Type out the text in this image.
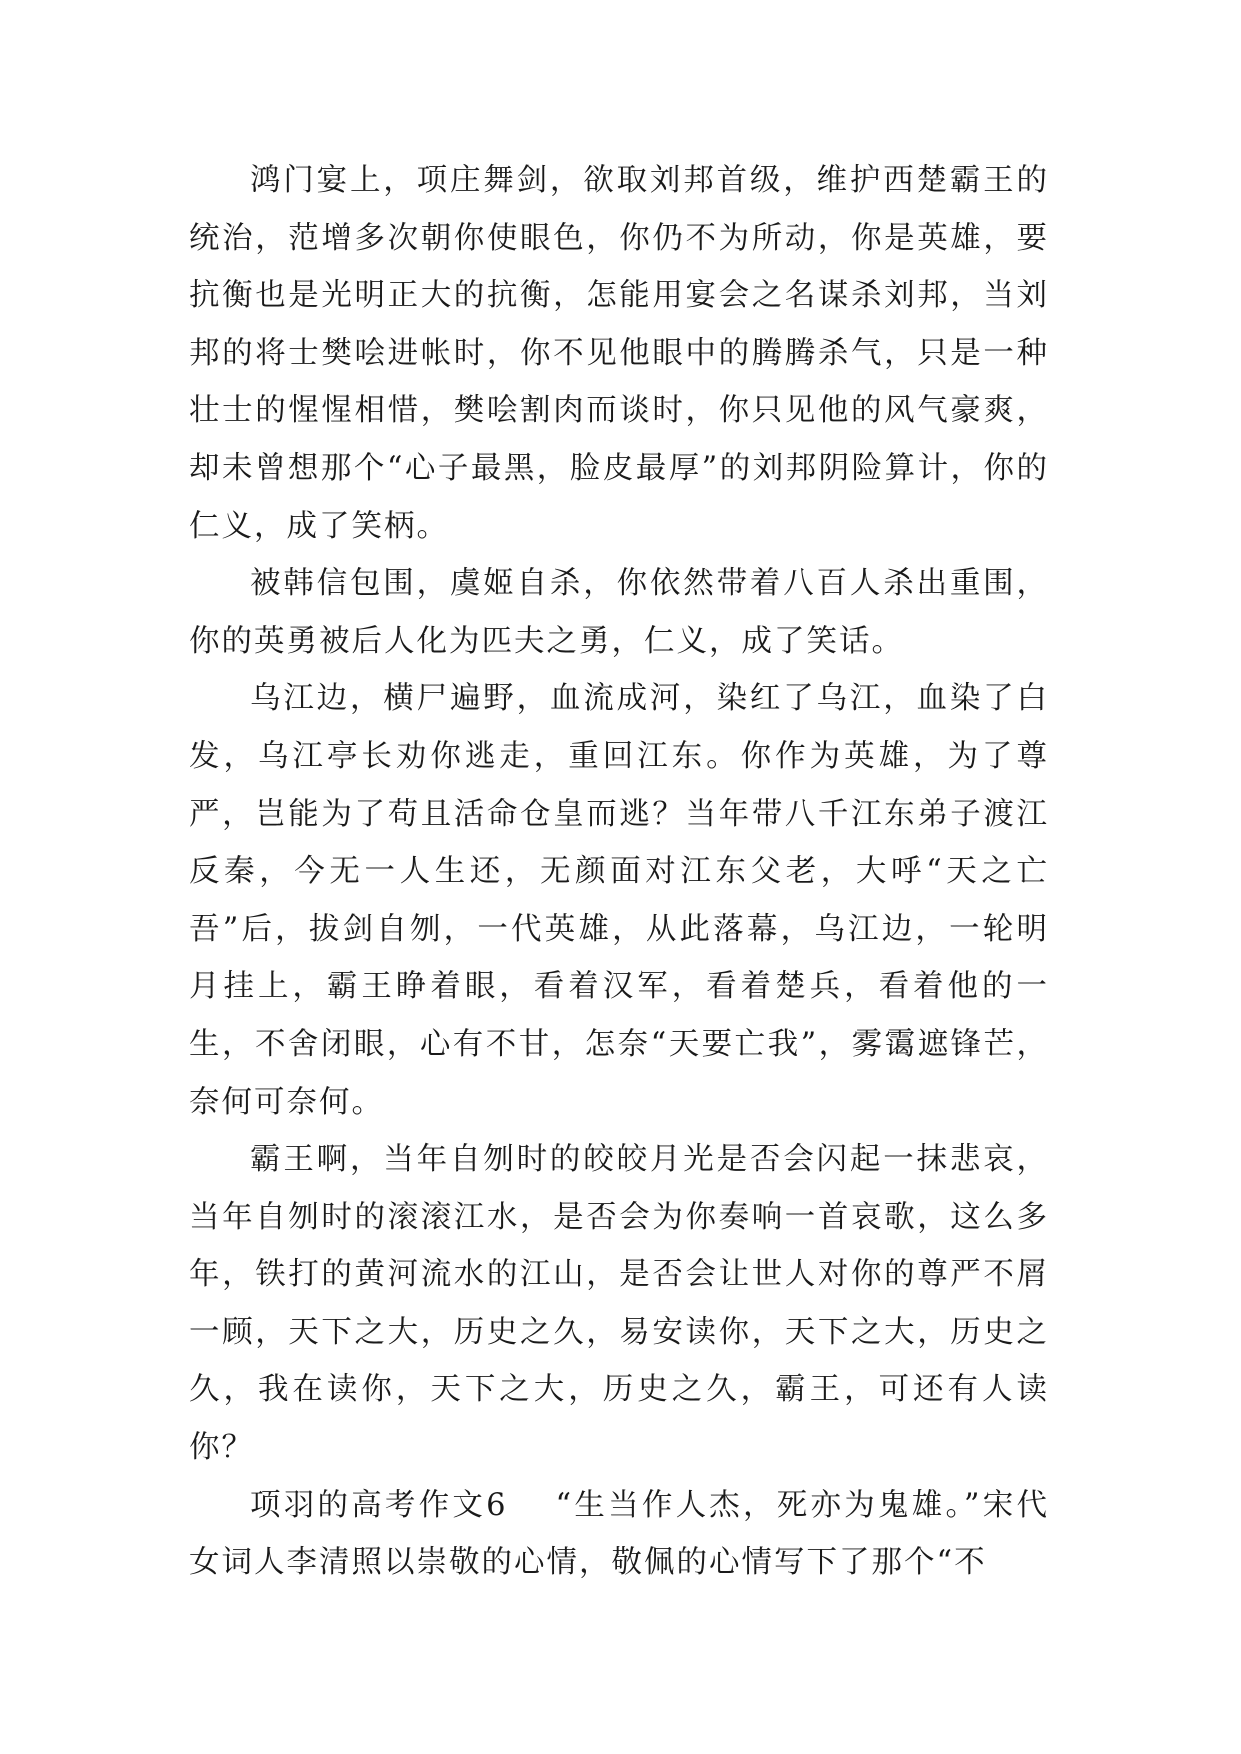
鸿门宴上，项庄舞剑，欲取刘邦首级，维护西楚霸王的统治，范增多次朝你使眼色，你仍不为所动，你是英雄，要抗衡也是光明正大的抗衡，怎能用宴会之名谋杀刘邦，当刘邦的将士樊哙进帐时，你不见他眼中的腾腾杀气，只是一种壮士的惺惺相惜，樊哙割肉而谈时，你只见他的风气豪爽，却未曾想那个“心子最黑，脸皮最厚”的刘邦阴险算计，你的仁义，成了笑柄。

被韩信包围，虞姬自杀，你依然带着八百人杀出重围，你的英勇被后人化为匹夫之勇，仁义，成了笑话。

乌江边，横尸遍野，血流成河，染红了乌江，血染了白发，乌江亭长劝你逃走，重回江东。你作为英雄，为了尊严，岂能为了苟且活命仓皇而逃？当年带八千江东弟子渡江反秦，今无一人生还，无颜面对江东父老，大呼“天之亡吾”后，拔剑自刎，一代英雄，从此落幕，乌江边，一轮明月挂上，霸王睁着眼，看着汉军，看着楚兵，看着他的一生，不舍闭眼，心有不甘，怎奈“天要亡我”，雾霭遮锋芒，奈何可奈何。

霸王啊，当年自刎时的皎皎月光是否会闪起一抹悲哀，当年自刎时的滚滚江水，是否会为你奏响一首哀歌，这么多年，铁打的黄河流水的江山，是否会让世人对你的尊严不屑一顾，天下之大，历史之久，易安读你，天下之大，历史之久，我在读你，天下之大，历史之久，霸王，可还有人读你？

项羽的高考作文6 “生当作人杰，死亦为鬼雄。”宋代女词人李清照以崇敬的心情，敬佩的心情写下了那个“不
